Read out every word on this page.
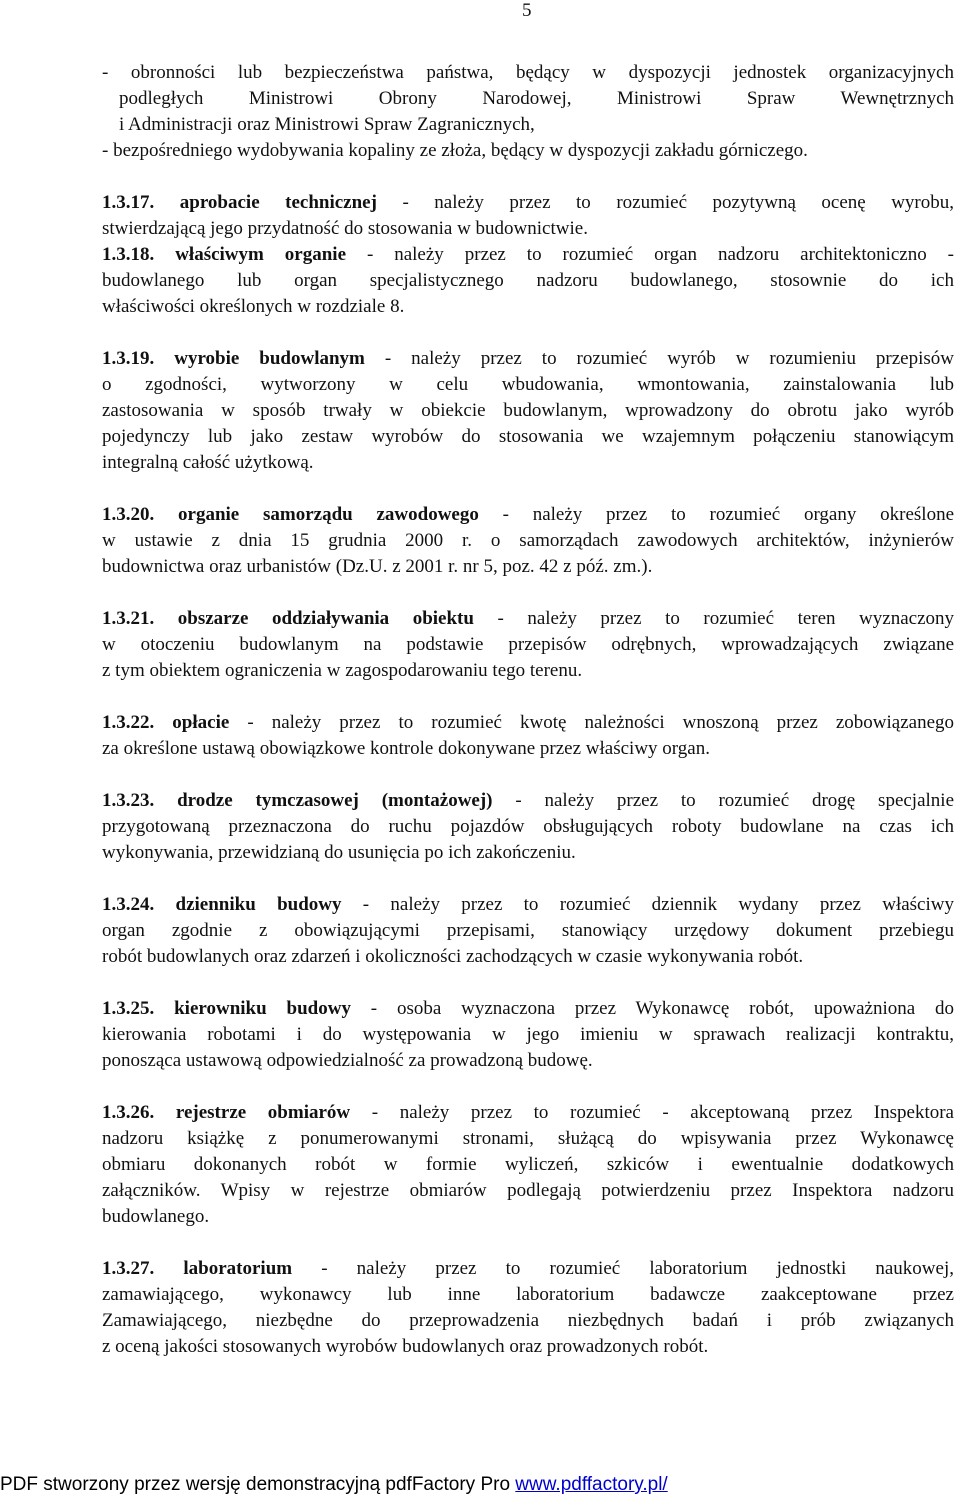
5
- obronności lub bezpieczeństwa państwa, będący w dyspozycji jednostek organizacyjnych
podległych Ministrowi Obrony Narodowej, Ministrowi Spraw Wewnętrznych
i Administracji oraz Ministrowi Spraw Zagranicznych,
- bezpośredniego wydobywania kopaliny ze złoża, będący w dyspozycji zakładu górniczego.
1.3.17. aprobacie technicznej - należy przez to rozumieć pozytywną ocenę wyrobu,
stwierdzającą jego przydatność do stosowania w budownictwie.
1.3.18. właściwym organie - należy przez to rozumieć organ nadzoru architektoniczno -
budowlanego lub organ specjalistycznego nadzoru budowlanego, stosownie do ich
właściwości określonych w rozdziale 8.
1.3.19. wyrobie budowlanym - należy przez to rozumieć wyrób w rozumieniu przepisów
o zgodności, wytworzony w celu wbudowania, wmontowania, zainstalowania lub
zastosowania w sposób trwały w obiekcie budowlanym, wprowadzony do obrotu jako wyrób
pojedynczy lub jako zestaw wyrobów do stosowania we wzajemnym połączeniu stanowiącym
integralną całość użytkową.
1.3.20. organie samorządu zawodowego - należy przez to rozumieć organy określone
w ustawie z dnia 15 grudnia 2000 r. o samorządach zawodowych architektów, inżynierów
budownictwa oraz urbanistów (Dz.U. z 2001 r. nr 5, poz. 42 z póź. zm.).
1.3.21. obszarze oddziaływania obiektu - należy przez to rozumieć teren wyznaczony
w otoczeniu budowlanym na podstawie przepisów odrębnych, wprowadzających związane
z tym obiektem ograniczenia w zagospodarowaniu tego terenu.
1.3.22. opłacie - należy przez to rozumieć kwotę należności wnoszoną przez zobowiązanego
za określone ustawą obowiązkowe kontrole dokonywane przez właściwy organ.
1.3.23. drodze tymczasowej (montażowej) - należy przez to rozumieć drogę specjalnie
przygotowaną przeznaczona do ruchu pojazdów obsługujących roboty budowlane na czas ich
wykonywania, przewidzianą do usunięcia po ich zakończeniu.
1.3.24. dzienniku budowy - należy przez to rozumieć dziennik wydany przez właściwy
organ zgodnie z obowiązującymi przepisami, stanowiący urzędowy dokument przebiegu
robót budowlanych oraz zdarzeń i okoliczności zachodzących w czasie wykonywania robót.
1.3.25. kierowniku budowy - osoba wyznaczona przez Wykonawcę robót, upoważniona do
kierowania robotami i do występowania w jego imieniu w sprawach realizacji kontraktu,
ponosząca ustawową odpowiedzialność za prowadzoną budowę.
1.3.26. rejestrze obmiarów - należy przez to rozumieć - akceptowaną przez Inspektora
nadzoru książkę z ponumerowanymi stronami, służącą do wpisywania przez Wykonawcę
obmiaru dokonanych robót w formie wyliczeń, szkiców i ewentualnie dodatkowych
załączników. Wpisy w rejestrze obmiarów podlegają potwierdzeniu przez Inspektora nadzoru
budowlanego.
1.3.27. laboratorium - należy przez to rozumieć laboratorium jednostki naukowej,
zamawiającego, wykonawcy lub inne laboratorium badawcze zaakceptowane przez
Zamawiającego, niezbędne do przeprowadzenia niezbędnych badań i prób związanych
z oceną jakości stosowanych wyrobów budowlanych oraz prowadzonych robót.
PDF stworzony przez wersję demonstracyjną pdfFactory Pro www.pdffactory.pl/
